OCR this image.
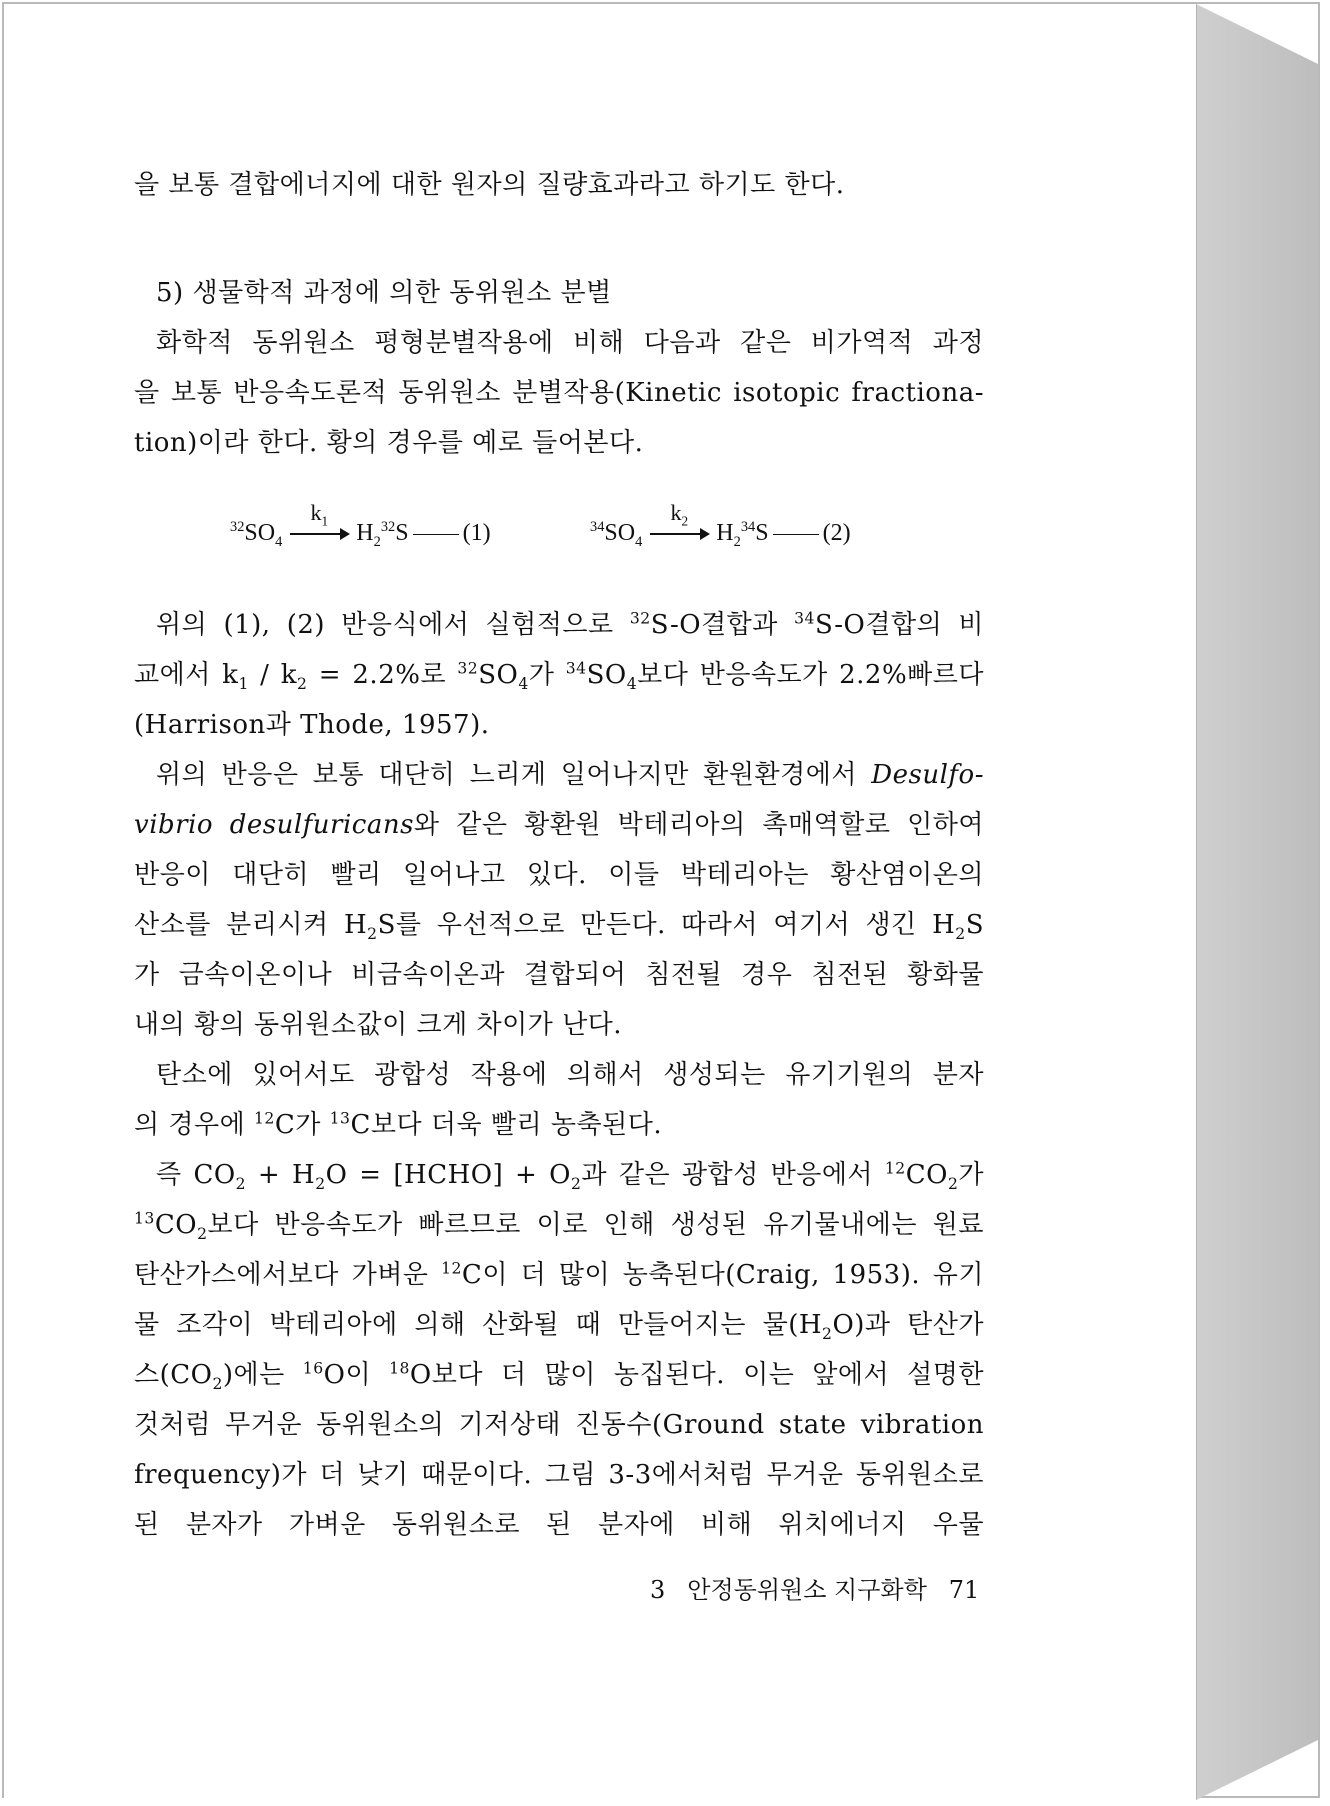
을 보통 결합에너지에 대한 원자의 질량효과라고 하기도 한다.
5) 생물학적 과정에 의한 동위원소 분별
화학적 동위원소 평형분별작용에 비해 다음과 같은 비가역적 과정
을 보통 반응속도론적 동위원소 분별작용(Kinetic isotopic fractiona-
tion)이라 한다. 황의 경우를 예로 들어본다.
$^{32}SO_4$
$k_1$	$H_2^{32}S$ (1)	$^{34}SO_4$
$k_2$	$H_2^{34}S$ (2)
위의 (1), (2) 반응식에서 실험적으로 $^{32}$S-O결합과 $^{34}$S-O결합의 비
교에서 $k_1 / k_2 = 2.2\%$로 $^{32}SO_4$가 $^{34}SO_4$보다 반응속도가 2.2%빠르다
(Harrison과 Thode, 1957).
위의 반응은 보통 대단히 느리게 일어나지만 환원환경에서 Desulfo-
vibrio desulfuricans와 같은 황환원 박테리아의 촉매역할로 인하여
반응이 대단히 빨리 일어나고 있다. 이들 박테리아는 황산염이온의
산소를 분리시켜 $H_2S$를 우선적으로 만든다. 따라서 여기서 생긴 $H_2S$
가 금속이온이나 비금속이온과 결합되어 침전될 경우 침전된 황화물
내의 황의 동위원소값이 크게 차이가 난다.
탄소에 있어서도 광합성 작용에 의해서 생성되는 유기기원의 분자
의 경우에 $^{12}$C가 $^{13}$C보다 더욱 빨리 농축된다.
즉 $CO_2 + H_2O$ = [HCHO] + $O_2$과 같은 광합성 반응에서 $^{12}CO_2$가
$^{13}CO_2$보다 반응속도가 빠르므로 이로 인해 생성된 유기물내에는 원료
탄산가스에서보다 가벼운 $^{12}$C이 더 많이 농축된다(Craig, 1953). 유기
물 조각이 박테리아에 의해 산화될 때 만들어지는 물$(H_2O)$과 탄산가
스$(CO_2)$에는 $^{16}$O이 $^{18}$O보다 더 많이 농집된다. 이는 앞에서 설명한
것처럼 무거운 동위원소의 기저상태 진동수(Ground state vibration
frequency)가 더 낮기 때문이다. 그림 3-3에서처럼 무거운 동위원소로
된 분자가 가벼운 동위원소로 된 분자에 비해 위치에너지 우물
3 안정동위원소 지구화학 71
